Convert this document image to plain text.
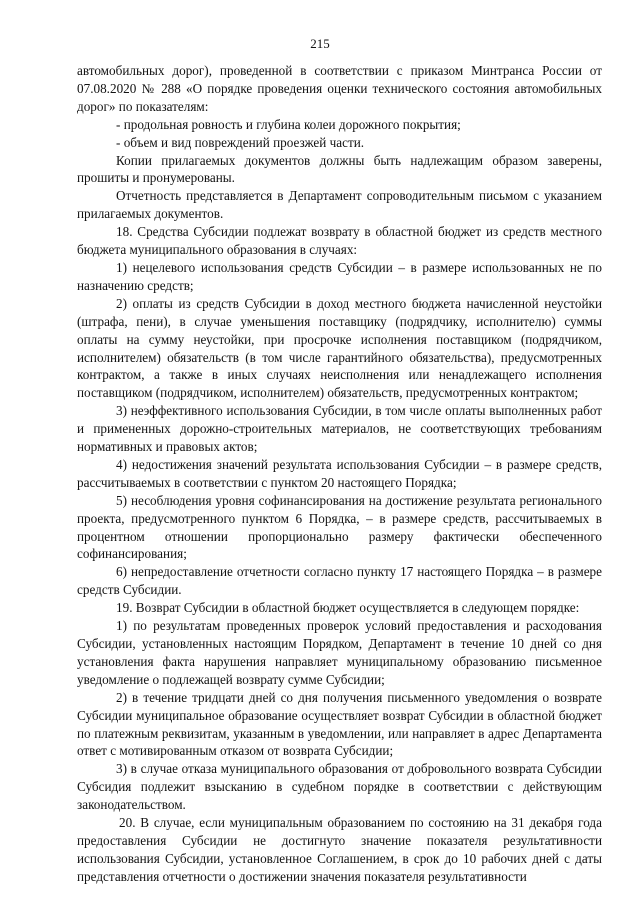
215

автомобильных дорог), проведенной в соответствии с приказом Минтранса России от 07.08.2020 № 288 «О порядке проведения оценки технического состояния автомобильных дорог» по показателям:

- продольная ровность и глубина колеи дорожного покрытия;

- объем и вид повреждений проезжей части.

Копии прилагаемых документов должны быть надлежащим образом заверены, прошиты и пронумерованы.

Отчетность представляется в Департамент сопроводительным письмом с указанием прилагаемых документов.

18. Средства Субсидии подлежат возврату в областной бюджет из средств местного бюджета муниципального образования в случаях:

1) нецелевого использования средств Субсидии – в размере использованных не по назначению средств;

2) оплаты из средств Субсидии в доход местного бюджета начисленной неустойки (штрафа, пени), в случае уменьшения поставщику (подрядчику, исполнителю) суммы оплаты на сумму неустойки, при просрочке исполнения поставщиком (подрядчиком, исполнителем) обязательств (в том числе гарантийного обязательства), предусмотренных контрактом, а также в иных случаях неисполнения или ненадлежащего исполнения поставщиком (подрядчиком, исполнителем) обязательств, предусмотренных контрактом;

3) неэффективного использования Субсидии, в том числе оплаты выполненных работ и примененных дорожно-строительных материалов, не соответствующих требованиям нормативных и правовых актов;

4) недостижения значений результата использования Субсидии – в размере средств, рассчитываемых в соответствии с пунктом 20 настоящего Порядка;

5) несоблюдения уровня софинансирования на достижение результата регионального проекта, предусмотренного пунктом 6 Порядка, – в размере средств, рассчитываемых в процентном отношении пропорционально размеру фактически обеспеченного софинансирования;

6) непредоставление отчетности согласно пункту 17 настоящего Порядка – в размере средств Субсидии.

19. Возврат Субсидии в областной бюджет осуществляется в следующем порядке:

1) по результатам проведенных проверок условий предоставления и расходования Субсидии, установленных настоящим Порядком, Департамент в течение 10 дней со дня установления факта нарушения направляет муниципальному образованию письменное уведомление о подлежащей возврату сумме Субсидии;

2) в течение тридцати дней со дня получения письменного уведомления о возврате Субсидии муниципальное образование осуществляет возврат Субсидии в областной бюджет по платежным реквизитам, указанным в уведомлении, или направляет в адрес Департамента ответ с мотивированным отказом от возврата Субсидии;

3) в случае отказа муниципального образования от добровольного возврата Субсидии Субсидия подлежит взысканию в судебном порядке в соответствии с действующим законодательством.

20. В случае, если муниципальным образованием по состоянию на 31 декабря года предоставления Субсидии не достигнуто значение показателя результативности использования Субсидии, установленное Соглашением, в срок до 10 рабочих дней с даты представления отчетности о достижении значения показателя результативности
